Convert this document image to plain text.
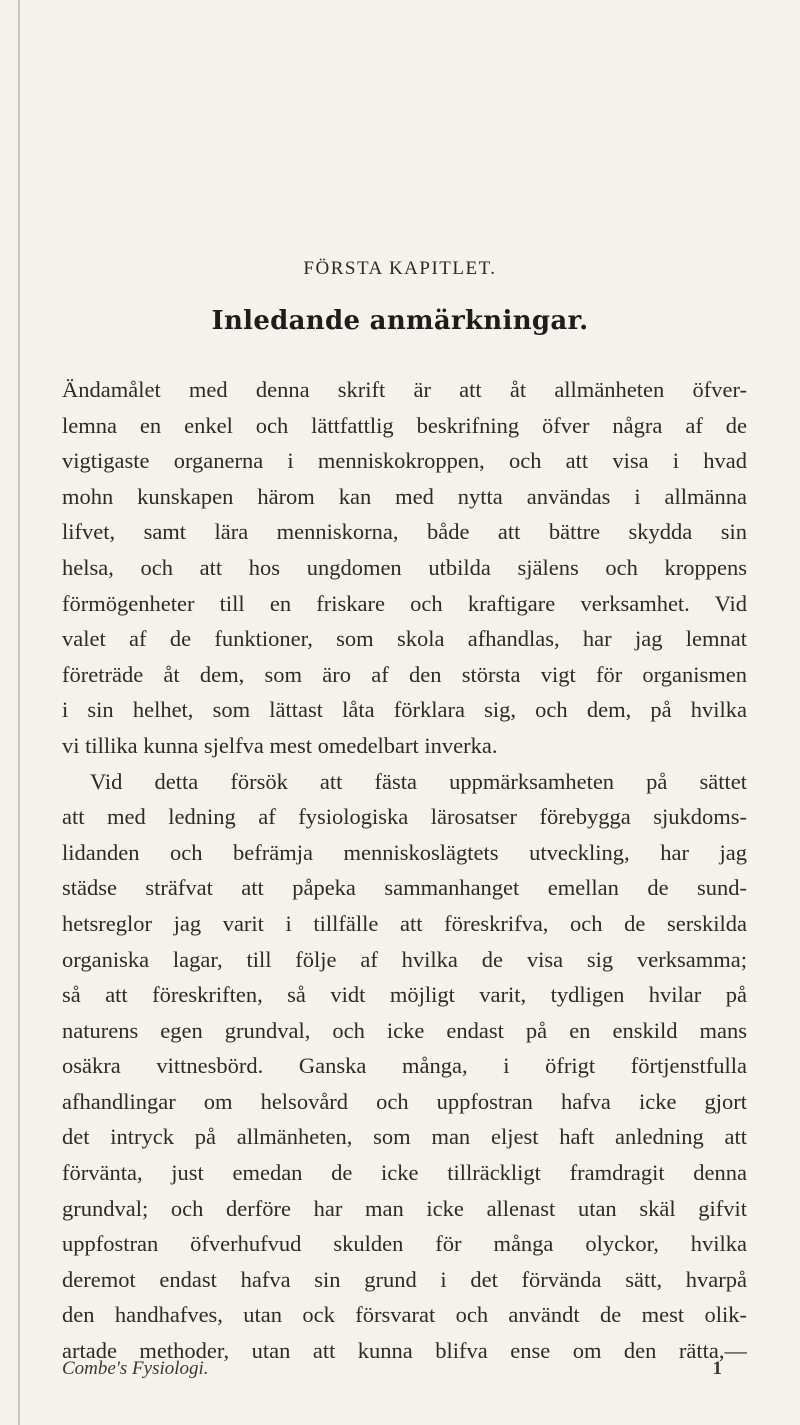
FÖRSTA KAPITLET.
Inledande anmärkningar.
Ändamålet med denna skrift är att åt allmänheten öfver-
lemna en enkel och lättfattlig beskrifning öfver några af de
vigtigaste organerna i menniskokroppen, och att visa i hvad
mohn kunskapen härom kan med nytta användas i allmänna
lifvet, samt lära menniskorna, både att bättre skydda sin
helsa, och att hos ungdomen utbilda själens och kroppens
förmögenheter till en friskare och kraftigare verksamhet. Vid
valet af de funktioner, som skola afhandlas, har jag lemnat
företräde åt dem, som äro af den största vigt för organismen
i sin helhet, som lättast låta förklara sig, och dem, på hvilka
vi tillika kunna sjelfva mest omedelbart inverka.
Vid detta försök att fästa uppmärksamheten på sättet
att med ledning af fysiologiska lärosatser förebygga sjukdoms-
lidanden och befrämja menniskoslägtets utveckling, har jag
städse sträfvat att påpeka sammanhanget emellan de sund-
hetsreglor jag varit i tillfälle att föreskrifva, och de serskilda
organiska lagar, till följe af hvilka de visa sig verksamma;
så att föreskriften, så vidt möjligt varit, tydligen hvilar på
naturens egen grundval, och icke endast på en enskild mans
osäkra vittnesbörd. Ganska många, i öfrigt förtjenstfulla
afhandlingar om helsovård och uppfostran hafva icke gjort
det intryck på allmänheten, som man eljest haft anledning att
förvänta, just emedan de icke tillräckligt framdragit denna
grundval; och derföre har man icke allenast utan skäl gifvit
uppfostran öfverhufvud skulden för många olyckor, hvilka
deremot endast hafva sin grund i det förvända sätt, hvarpå
den handhafves, utan ock försvarat och användt de mest olik-
artade methoder, utan att kunna blifva ense om den rätta,—
Combe's Fysiologi.	1
